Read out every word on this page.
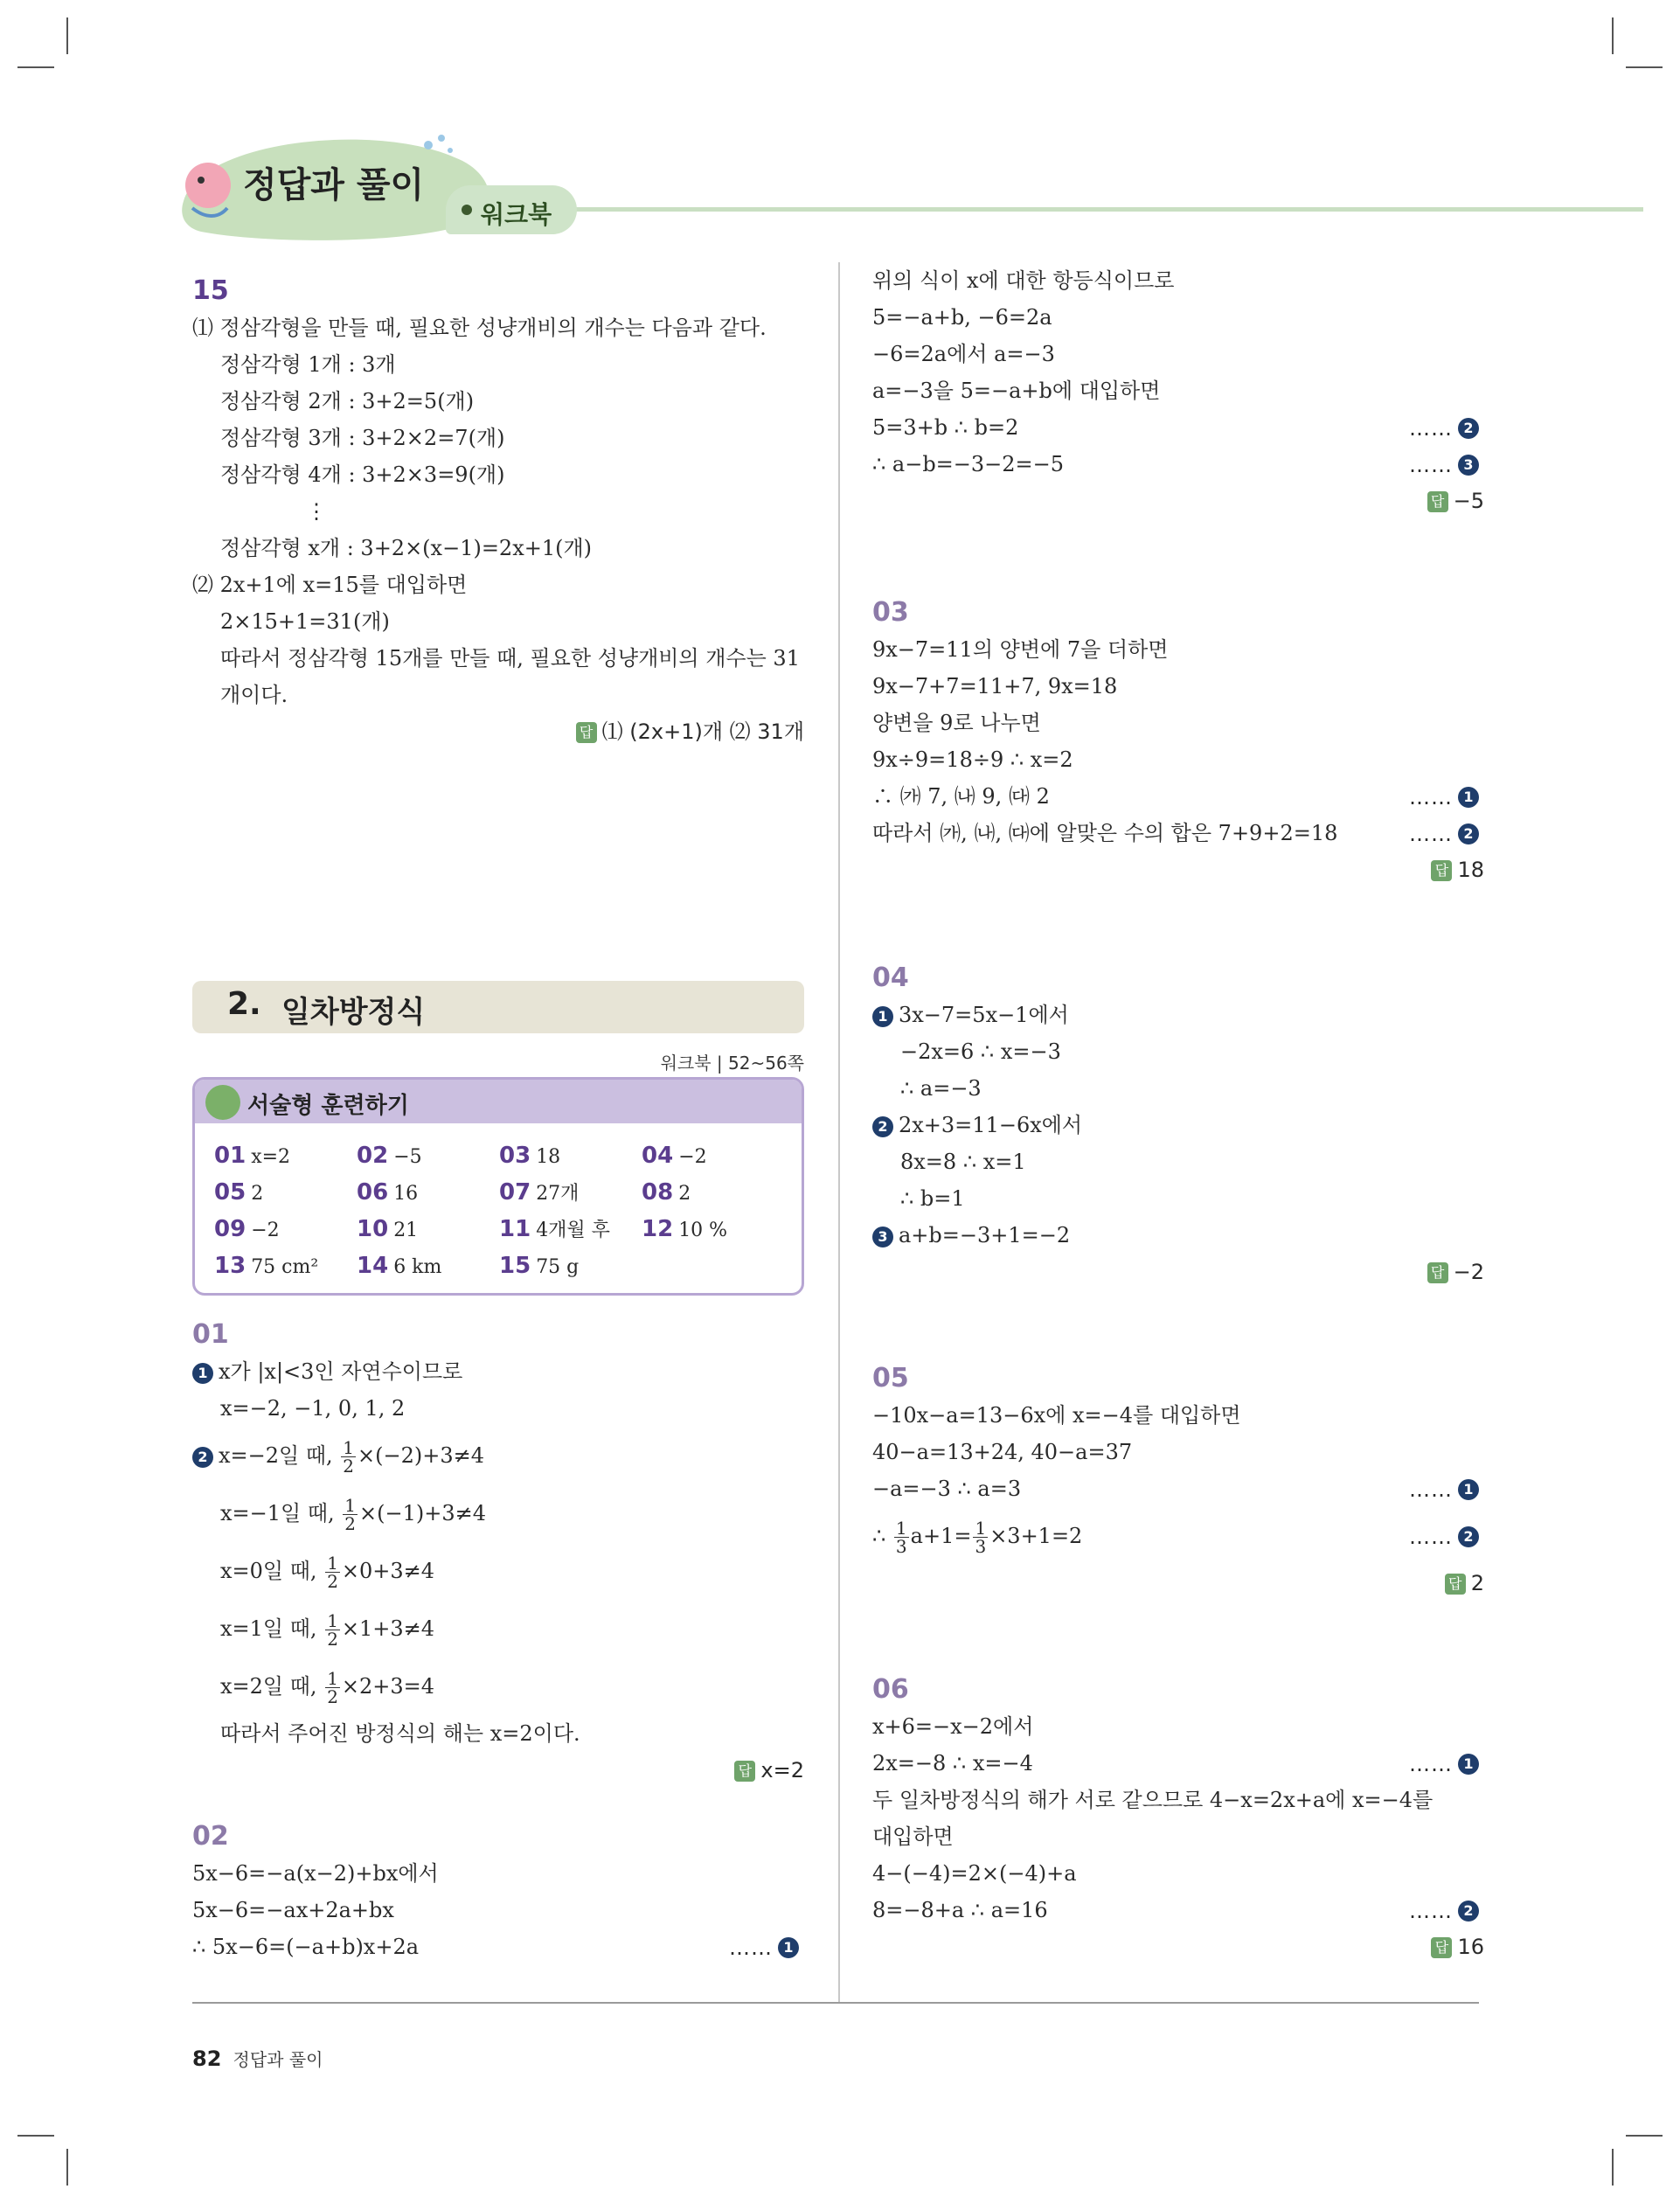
정답과 풀이
워크북
15
⑴ 정삼각형을 만들 때, 필요한 성냥개비의 개수는 다음과 같다.
정삼각형 1개 : 3개
정삼각형 2개 : 3+2=5(개)
정삼각형 3개 : 3+2×2=7(개)
정삼각형 4개 : 3+2×3=9(개)
⋮
정삼각형 x개 : 3+2×(x−1)=2x+1(개)
⑵ 2x+1에 x=15를 대입하면
2×15+1=31(개)
따라서 정삼각형 15개를 만들 때, 필요한 성냥개비의 개수는 31
개이다.
답 ⑴ (2x+1)개 ⑵ 31개
2. 일차방정식
워크북 | 52~56쪽
서술형 훈련하기
01 x=2	02 −5	03 18	04 −2
05 2	06 16	07 27개	08 2
09 −2	10 21	11 4개월 후	12 10 %
13 75 cm²	14 6 km	15 75 g
01
1 x가 |x|<3인 자연수이므로
x=−2, −1, 0, 1, 2
2 x=−2일 때, $\frac{1}{2} \times(-2)+3\ne 4$
x=−1일 때, $\frac{1}{2} \times(-1)+3\ne 4$
x=0일 때, $\frac{1}{2} \times 0+3\ne 4$
x=1일 때, $\frac{1}{2} \times 1+3\ne 4$
x=2일 때, $\frac{1}{2} \times 2+3=4$
따라서 주어진 방정식의 해는 x=2이다.
답 x=2
02
5x−6=−a(x−2)+bx에서
5x−6=−ax+2a+bx
∴ 5x−6=(−a+b)x+2a	…… 1
위의 식이 x에 대한 항등식이므로
5=−a+b, −6=2a
−6=2a에서 a=−3
a=−3을 5=−a+b에 대입하면
5=3+b ∴ b=2	…… 2
∴ a−b=−3−2=−5	…… 3
답 −5
03
9x−7=11의 양변에 7을 더하면
9x−7+7=11+7, 9x=18
양변을 9로 나누면
9x÷9=18÷9 ∴ x=2
∴ ㈎ 7, ㈏ 9, ㈐ 2	…… 1
따라서 ㈎, ㈏, ㈐에 알맞은 수의 합은 7+9+2=18	…… 2
답 18
04
1 3x−7=5x−1에서
−2x=6 ∴ x=−3
∴ a=−3
2 2x+3=11−6x에서
8x=8 ∴ x=1
∴ b=1
3 a+b=−3+1=−2
답 −2
05
−10x−a=13−6x에 x=−4를 대입하면
40−a=13+24, 40−a=37
−a=−3 ∴ a=3	…… 1
∴ $\frac{1}{3} a+1= \frac{1}{3} \times 3+1=2$	…… 2
답 2
06
x+6=−x−2에서
2x=−8 ∴ x=−4	…… 1
두 일차방정식의 해가 서로 같으므로 4−x=2x+a에 x=−4를
대입하면
4−(−4)=2×(−4)+a
8=−8+a ∴ a=16	…… 2
답 16
82 정답과 풀이
